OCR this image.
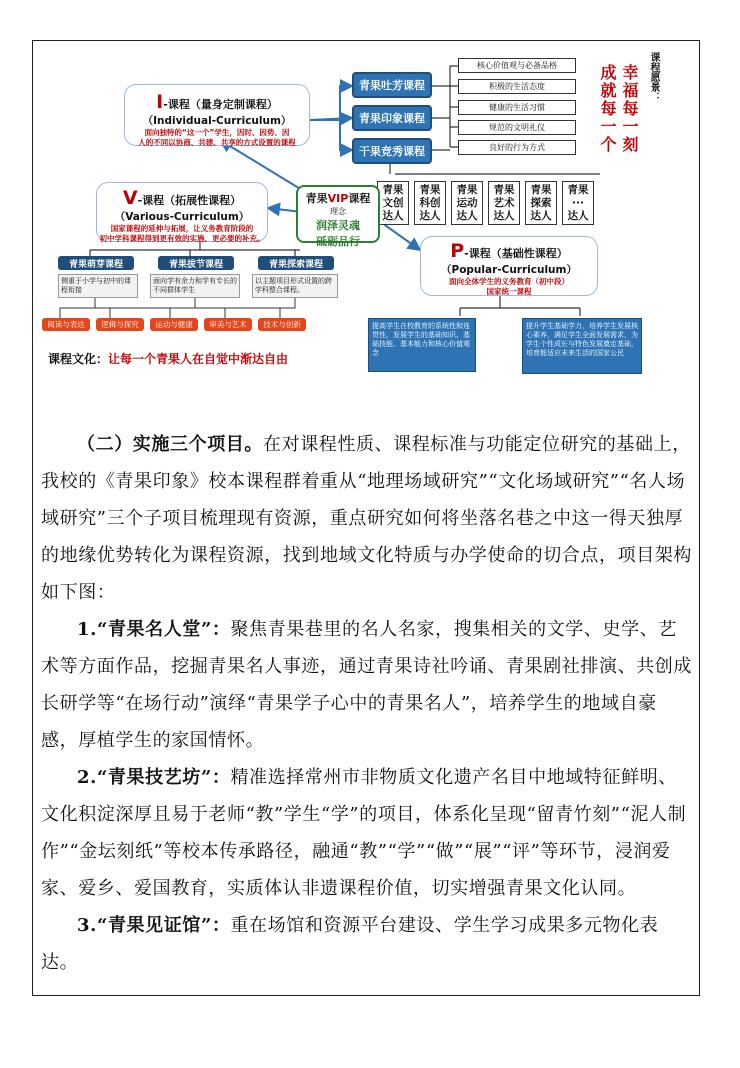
I-课程（量身定制课程）
（Individual-Curriculum）
面向独特的“这一个”学生，因时、因势、因
人的不同以协商、共建、共享的方式设置的课程
青果吐芳课程
青果印象课程
干果竞秀课程
核心价值观与必备品格
积极的生活态度
健康的生活习惯
规范的文明礼仪
良好的行为方式
课程愿景：
幸福每一刻
成就每一个
青果
文创
达人
青果
科创
达人
青果
运动
达人
青果
艺术
达人
青果
探索
达人
青果
···
达人
青果VIP课程
理念
润泽灵魂
砥砺品行
V-课程（拓展性课程）
（Various-Curriculum）
国家课程的延伸与拓展，让义务教育阶段的
初中学科课程得到更有效的实施、更必要的补充。
青果萌芽课程	青果拔节课程	青果探索课程
侧重于小学与初中的课程衔接
面向学有余力和学有专长的不同群体学生
以主题项目形式设置的跨学科整合课程。
阅读与表达	逻辑与探究	运动与健康	审美与艺术	技术与创新
P-课程（基础性课程）
（Popular-Curriculum）
面向全体学生的义务教育（初中段）
国家统一课程
提高学生在校教育的系统性和连贯性，发展学生的基础知识、基础技能、基本能力和核心价值观念
提升学生基础学力，培养学生发展核心素养，满足学生全面发展需求，为学生个性成长与特色发展奠定基础，培育能适应未来生活的国家公民
课程文化：让每一个青果人在自觉中渐达自由

（二）实施三个项目。在对课程性质、课程标准与功能定位研究的基础上，我校的《青果印象》校本课程群着重从“地理场域研究”“文化场域研究”“名人场域研究”三个子项目梳理现有资源，重点研究如何将坐落名巷之中这一得天独厚的地缘优势转化为课程资源，找到地域文化特质与办学使命的切合点，项目架构如下图：

1.“青果名人堂”：聚焦青果巷里的名人名家，搜集相关的文学、史学、艺术等方面作品，挖掘青果名人事迹，通过青果诗社吟诵、青果剧社排演、共创成长研学等“在场行动”演绎“青果学子心中的青果名人”，培养学生的地域自豪感，厚植学生的家国情怀。

2.“青果技艺坊”：精准选择常州市非物质文化遗产名目中地域特征鲜明、文化积淀深厚且易于老师“教”学生“学”的项目，体系化呈现“留青竹刻”“泥人制作”“金坛刻纸”等校本传承路径，融通“教”“学”“做”“展”“评”等环节，浸润爱家、爱乡、爱国教育，实质体认非遗课程价值，切实增强青果文化认同。

3.“青果见证馆”：重在场馆和资源平台建设、学生学习成果多元物化表达。
